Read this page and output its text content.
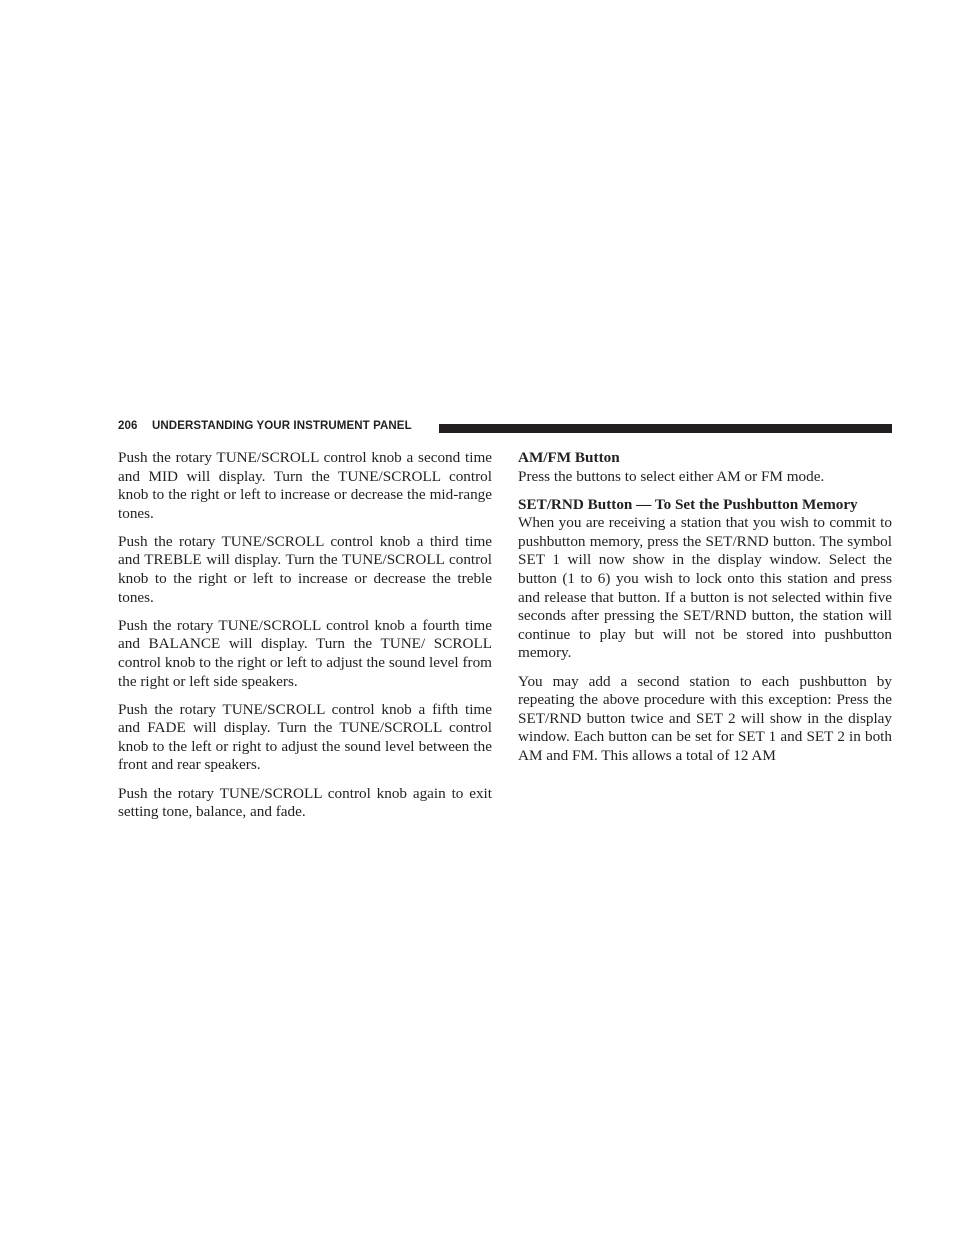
206 UNDERSTANDING YOUR INSTRUMENT PANEL

Push the rotary TUNE/SCROLL control knob a second time and MID will display. Turn the TUNE/SCROLL control knob to the right or left to increase or decrease the mid-range tones.

Push the rotary TUNE/SCROLL control knob a third time and TREBLE will display. Turn the TUNE/SCROLL control knob to the right or left to increase or decrease the treble tones.

Push the rotary TUNE/SCROLL control knob a fourth time and BALANCE will display. Turn the TUNE/ SCROLL control knob to the right or left to adjust the sound level from the right or left side speakers.

Push the rotary TUNE/SCROLL control knob a fifth time and FADE will display. Turn the TUNE/SCROLL control knob to the left or right to adjust the sound level between the front and rear speakers.

Push the rotary TUNE/SCROLL control knob again to exit setting tone, balance, and fade.

AM/FM Button

Press the buttons to select either AM or FM mode.

SET/RND Button — To Set the Pushbutton Memory

When you are receiving a station that you wish to commit to pushbutton memory, press the SET/RND button. The symbol SET 1 will now show in the display window. Select the button (1 to 6) you wish to lock onto this station and press and release that button. If a button is not selected within five seconds after pressing the SET/RND button, the station will continue to play but will not be stored into pushbutton memory.

You may add a second station to each pushbutton by repeating the above procedure with this exception: Press the SET/RND button twice and SET 2 will show in the display window. Each button can be set for SET 1 and SET 2 in both AM and FM. This allows a total of 12 AM
